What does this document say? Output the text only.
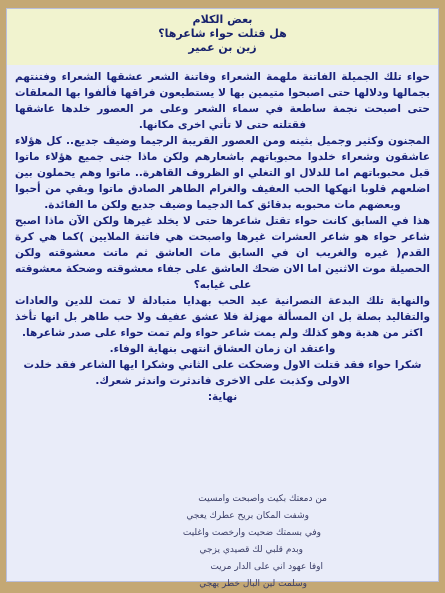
بعض الكلام
هل قتلت حواء شاعرها؟
زين بن عمير

حواء تلك الجميلة الفاتنة ملهمة الشعراء وفاتنة الشعر عشقها الشعراء وفتنتهم بجمالها ودلالها حتى اصبحوا متيمين بها لا يستطيعون فراقها فألفوا بها المعلقات حتى اصبحت نجمة ساطعة في سماء الشعر وعلى مر العصور خلدها عاشقها فقتلته حتى لا تأتي اخرى مكانها.

المجنون وكثير وجميل بثينه ومن العصور القريبة الرجيما وضيف جديع.. كل هؤلاء عاشقون وشعراء خلدوا محبوباتهم باشعارهم ولكن ماذا جنى جميع هؤلاء ماتوا قبل محبوباتهم اما للدلال او التغلي او الظروف القاهرة.. ماتوا وهم يحملون بين اضلعهم قلوبا انهكها الحب العفيف والغرام الطاهر الصادق ماتوا وبقي من أحبوا وبعضهم مات محبوبه بدقائق كما الدجيما وضيف جديع ولكن ما الفائدة.

هذا في السابق كانت حواء تقتل شاعرها حتى لا يخلد غيرها ولكن الآن ماذا اصبح شاعر حواء هو شاعر العشرات غيرها واصبحت هي فاتنة الملايين )كما هي كرة القدم( غيره والغريب ان في السابق مات العاشق ثم ماتت معشوقته ولكن الحصيلة موت الاثنين اما الان ضحك العاشق على جفاء معشوقته وضحكة معشوقته على غيابه؟

والنهاية تلك البدعة النصرانية عيد الحب بهدايا متبادلة لا تمت للدين والعادات والتقاليد بصلة بل ان المسألة مهزلة فلا عشق عفيف ولا حب طاهر بل انها تأخذ اكثر من هدية وهو كذلك ولم يمت شاعر حواء ولم تمت حواء على صدر شاعرها.

واعتقد ان زمان العشاق انتهى بنهاية الوفاء.

شكرا حواء فقد قتلت الاول وضحكت على الثاني وشكرا ايها الشاعر فقد خلدت الاولى وكذبت على الاخرى فاندثرت واندثر شعرك.

نهاية:

من دمعتك بكيت واصبحت وامسيت
وشفت المكان بريح عطرك يعجي
وفي بسمتك ضحيت وارخصت واغليت
وبدم قلبي لك قصيدي يزجي
اوفا عهود اني على الدار مريت
وسلمت لين البال خطر يهجي
